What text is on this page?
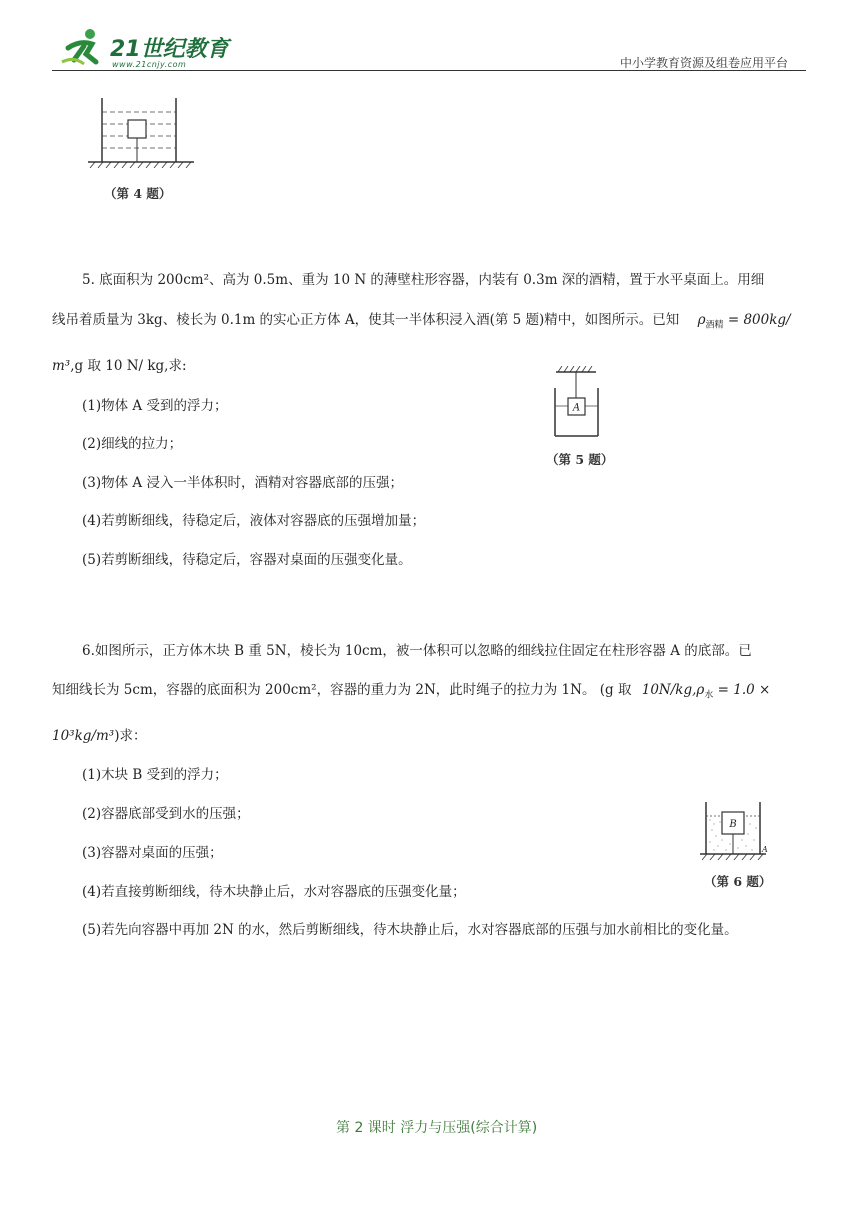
21世纪教育
www.21cnjy.com	中小学教育资源及组卷应用平台
（第 4 题）
5. 底面积为 200cm²、高为 0.5m、重为 10 N 的薄壁柱形容器，内装有 0.3m 深的酒精，置于水平桌面上。用细
线吊着质量为 3kg、棱长为 0.1m 的实心正方体 A，使其一半体积浸入酒(第 5 题)精中，如图所示。已知 $\rho_{酒精} = 800kg/$
m³,g 取 10 N/ kg,求:
(1)物体 A 受到的浮力；
(2)细线的拉力；
(3)物体 A 浸入一半体积时，酒精对容器底部的压强；
(4)若剪断细线，待稳定后，液体对容器底的压强增加量；
(5)若剪断细线，待稳定后，容器对桌面的压强变化量。
A
（第 5 题）
6.如图所示，正方体木块 B 重 5N，棱长为 10cm，被一体积可以忽略的细线拉住固定在柱形容器 A 的底部。已
知细线长为 5cm，容器的底面积为 200cm²，容器的重力为 2N，此时绳子的拉力为 1N。 (g 取 $10N/kg,\rho_水 = 1.0$ ×
10³kg/m³)求：
(1)木块 B 受到的浮力；
(2)容器底部受到水的压强；
(3)容器对桌面的压强；
(4)若直接剪断细线，待木块静止后，水对容器底的压强变化量；
(5)若先向容器中再加 2N 的水，然后剪断细线，待木块静止后，水对容器底部的压强与加水前相比的变化量。
B
A
（第 6 题）
第 2 课时 浮力与压强(综合计算)
